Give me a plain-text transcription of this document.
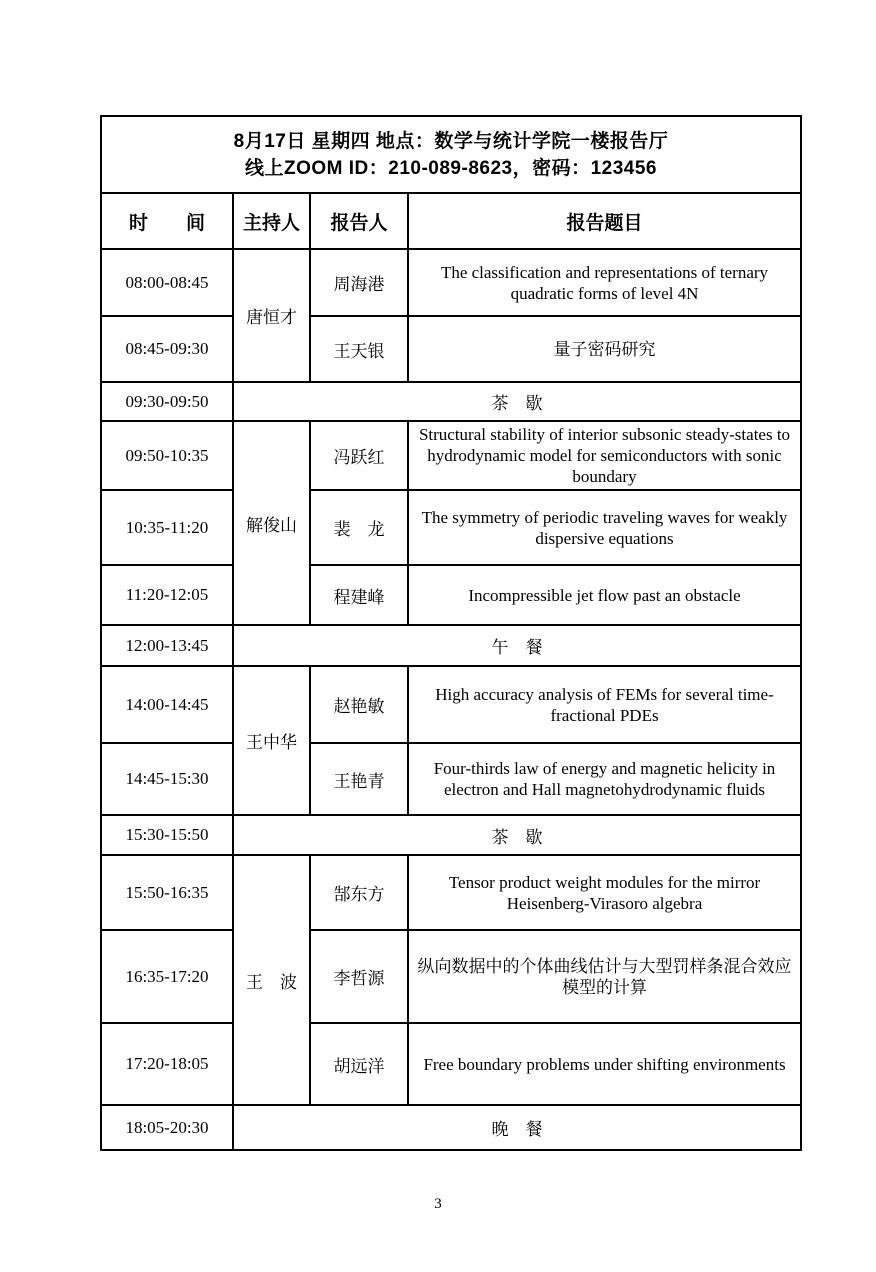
8月17日 星期四 地点：数学与统计学院一楼报告厅
线上ZOOM ID：210-089-8623，密码：123456			

时　　间	主持人	报告人	报告题目
08:00-08:45	唐恒才	周海港	The classification and representations of ternary quadratic forms of level 4N
08:45-09:30		王天银	量子密码研究
09:30-09:50	茶　歇		
09:50-10:35	解俊山	冯跃红	Structural stability of interior subsonic steady-states to hydrodynamic model for semiconductors with sonic boundary
10:35-11:20		裴　龙	The symmetry of periodic traveling waves for weakly dispersive equations
11:20-12:05		程建峰	Incompressible jet flow past an obstacle
12:00-13:45	午　餐		
14:00-14:45	王中华	赵艳敏	High accuracy analysis of FEMs for several time-fractional PDEs
14:45-15:30		王艳青	Four-thirds law of energy and magnetic helicity in electron and Hall magnetohydrodynamic fluids
15:30-15:50	茶　歇		
15:50-16:35	王　波	郜东方	Tensor product weight modules for the mirror Heisenberg-Virasoro algebra
16:35-17:20		李哲源	纵向数据中的个体曲线估计与大型罚样条混合效应模型的计算
17:20-18:05		胡远洋	Free boundary problems under shifting environments
18:05-20:30	晚　餐		
3
